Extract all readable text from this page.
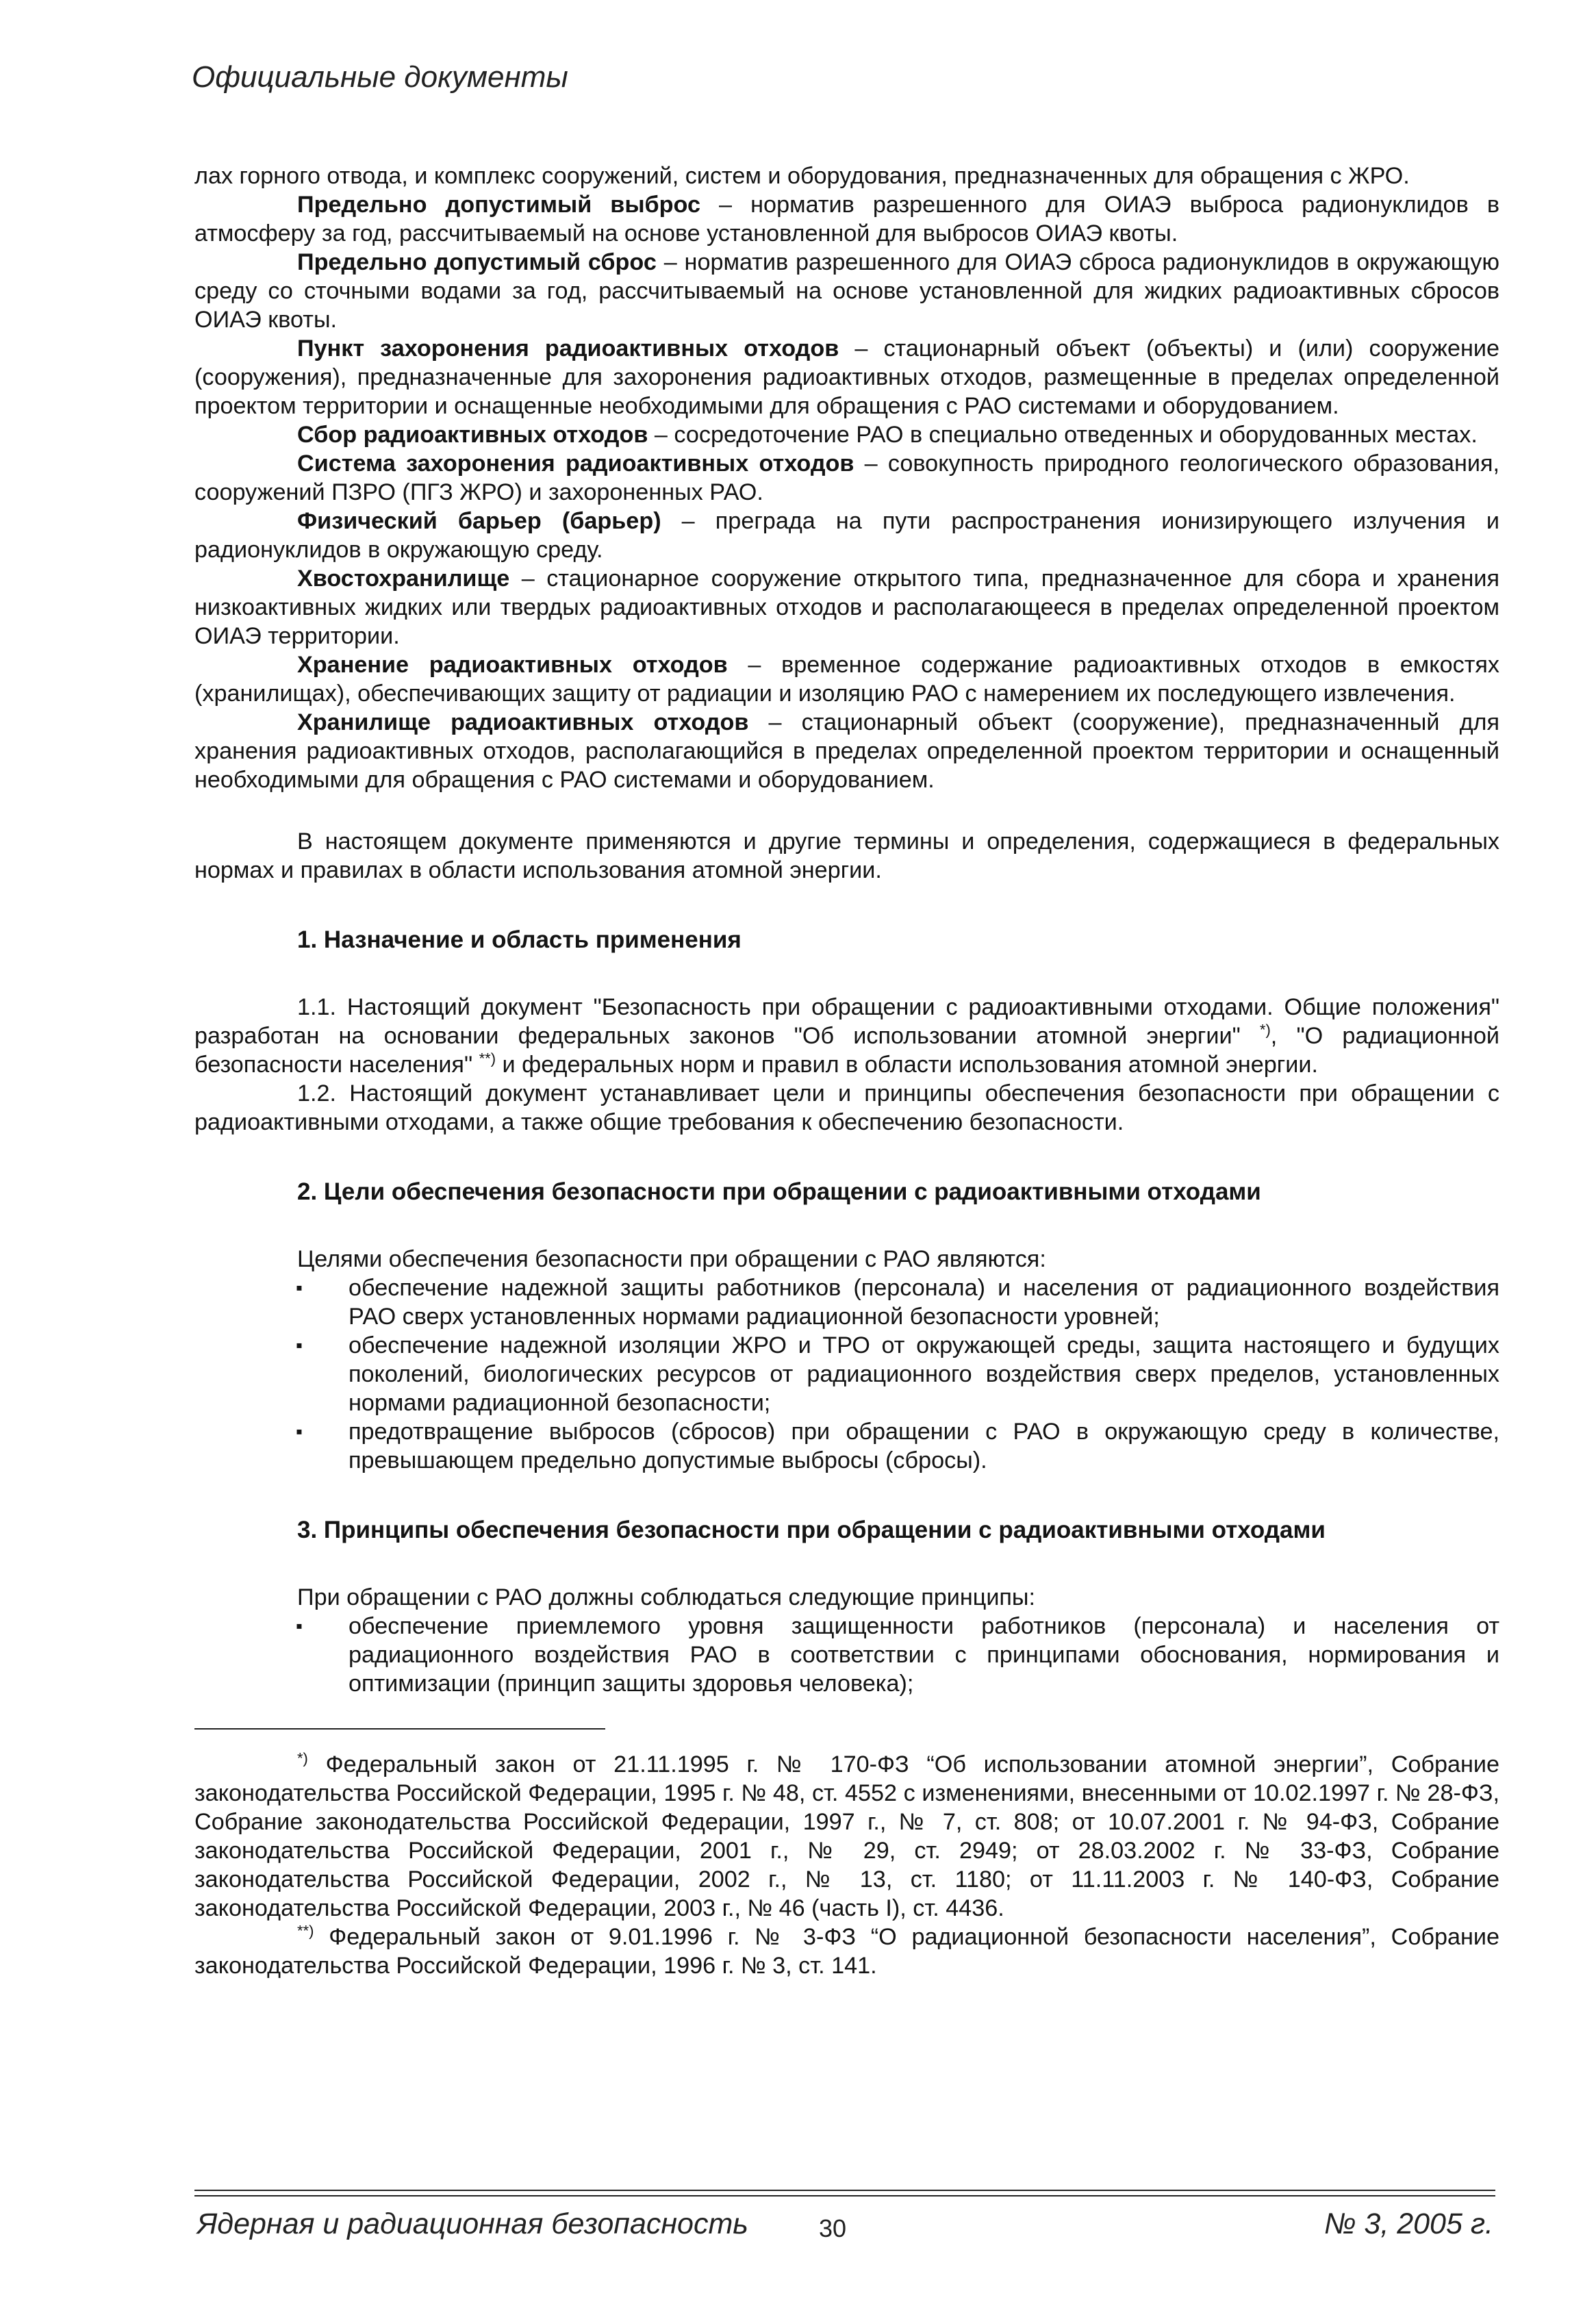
Официальные документы

лах горного отвода, и комплекс сооружений, систем и оборудования, предназначенных для обращения с ЖРО.

Предельно допустимый выброс – норматив разрешенного для ОИАЭ выброса радионуклидов в атмосферу за год, рассчитываемый на основе установленной для выбросов ОИАЭ квоты.

Предельно допустимый сброс – норматив разрешенного для ОИАЭ сброса радионуклидов в окружающую среду со сточными водами за год, рассчитываемый на основе установленной для жидких радиоактивных сбросов ОИАЭ квоты.

Пункт захоронения радиоактивных отходов – стационарный объект (объекты) и (или) сооружение (сооружения), предназначенные для захоронения радиоактивных отходов, размещенные в пределах определенной проектом территории и оснащенные необходимыми для обращения с РАО системами и оборудованием.

Сбор радиоактивных отходов – сосредоточение РАО в специально отведенных и оборудованных местах.

Система захоронения радиоактивных отходов – совокупность природного геологического образования, сооружений ПЗРО (ПГЗ ЖРО) и захороненных РАО.

Физический барьер (барьер) – преграда на пути распространения ионизирующего излучения и радионуклидов в окружающую среду.

Хвостохранилище – стационарное сооружение открытого типа, предназначенное для сбора и хранения низкоактивных жидких или твердых радиоактивных отходов и располагающееся в пределах определенной проектом ОИАЭ территории.

Хранение радиоактивных отходов – временное содержание радиоактивных отходов в емкостях (хранилищах), обеспечивающих защиту от радиации и изоляцию РАО с намерением их последующего извлечения.

Хранилище радиоактивных отходов – стационарный объект (сооружение), предназначенный для хранения радиоактивных отходов, располагающийся в пределах определенной проектом территории и оснащенный необходимыми для обращения с РАО системами и оборудованием.

В настоящем документе применяются и другие термины и определения, содержащиеся в федеральных нормах и правилах в области использования атомной энергии.

1. Назначение и область применения

1.1. Настоящий документ "Безопасность при обращении с радиоактивными отходами. Общие положения" разработан на основании федеральных законов "Об использовании атомной энергии" *), "О радиационной безопасности населения" **) и федеральных норм и правил в области использования атомной энергии.

1.2. Настоящий документ устанавливает цели и принципы обеспечения безопасности при обращении с радиоактивными отходами, а также общие требования к обеспечению безопасности.

2. Цели обеспечения безопасности при обращении с радиоактивными отходами

Целями обеспечения безопасности при обращении с РАО являются:

▪ обеспечение надежной защиты работников (персонала) и населения от радиационного воздействия РАО сверх установленных нормами радиационной безопасности уровней;
▪ обеспечение надежной изоляции ЖРО и ТРО от окружающей среды, защита настоящего и будущих поколений, биологических ресурсов от радиационного воздействия сверх пределов, установленных нормами радиационной безопасности;
▪ предотвращение выбросов (сбросов) при обращении с РАО в окружающую среду в количестве, превышающем предельно допустимые выбросы (сбросы).

3. Принципы обеспечения безопасности при обращении с радиоактивными отходами

При обращении с РАО должны соблюдаться следующие принципы:

▪ обеспечение приемлемого уровня защищенности работников (персонала) и населения от радиационного воздействия РАО в соответствии с принципами обоснования, нормирования и оптимизации (принцип защиты здоровья человека);

*) Федеральный закон от 21.11.1995 г. № 170-ФЗ “Об использовании атомной энергии”, Собрание законодательства Российской Федерации, 1995 г. № 48, ст. 4552 с изменениями, внесенными от 10.02.1997 г. № 28-ФЗ, Собрание законодательства Российской Федерации, 1997 г., № 7, ст. 808; от 10.07.2001 г. № 94-ФЗ, Собрание законодательства Российской Федерации, 2001 г., № 29, ст. 2949; от 28.03.2002 г. № 33-ФЗ, Собрание законодательства Российской Федерации, 2002 г., № 13, ст. 1180; от 11.11.2003 г. № 140-ФЗ, Собрание законодательства Российской Федерации, 2003 г., № 46 (часть I), ст. 4436.

**) Федеральный закон от 9.01.1996 г. № 3-ФЗ “О радиационной безопасности населения”, Собрание законодательства Российской Федерации, 1996 г. № 3, ст. 141.

Ядерная и радиационная безопасность	30	№ 3, 2005 г.
